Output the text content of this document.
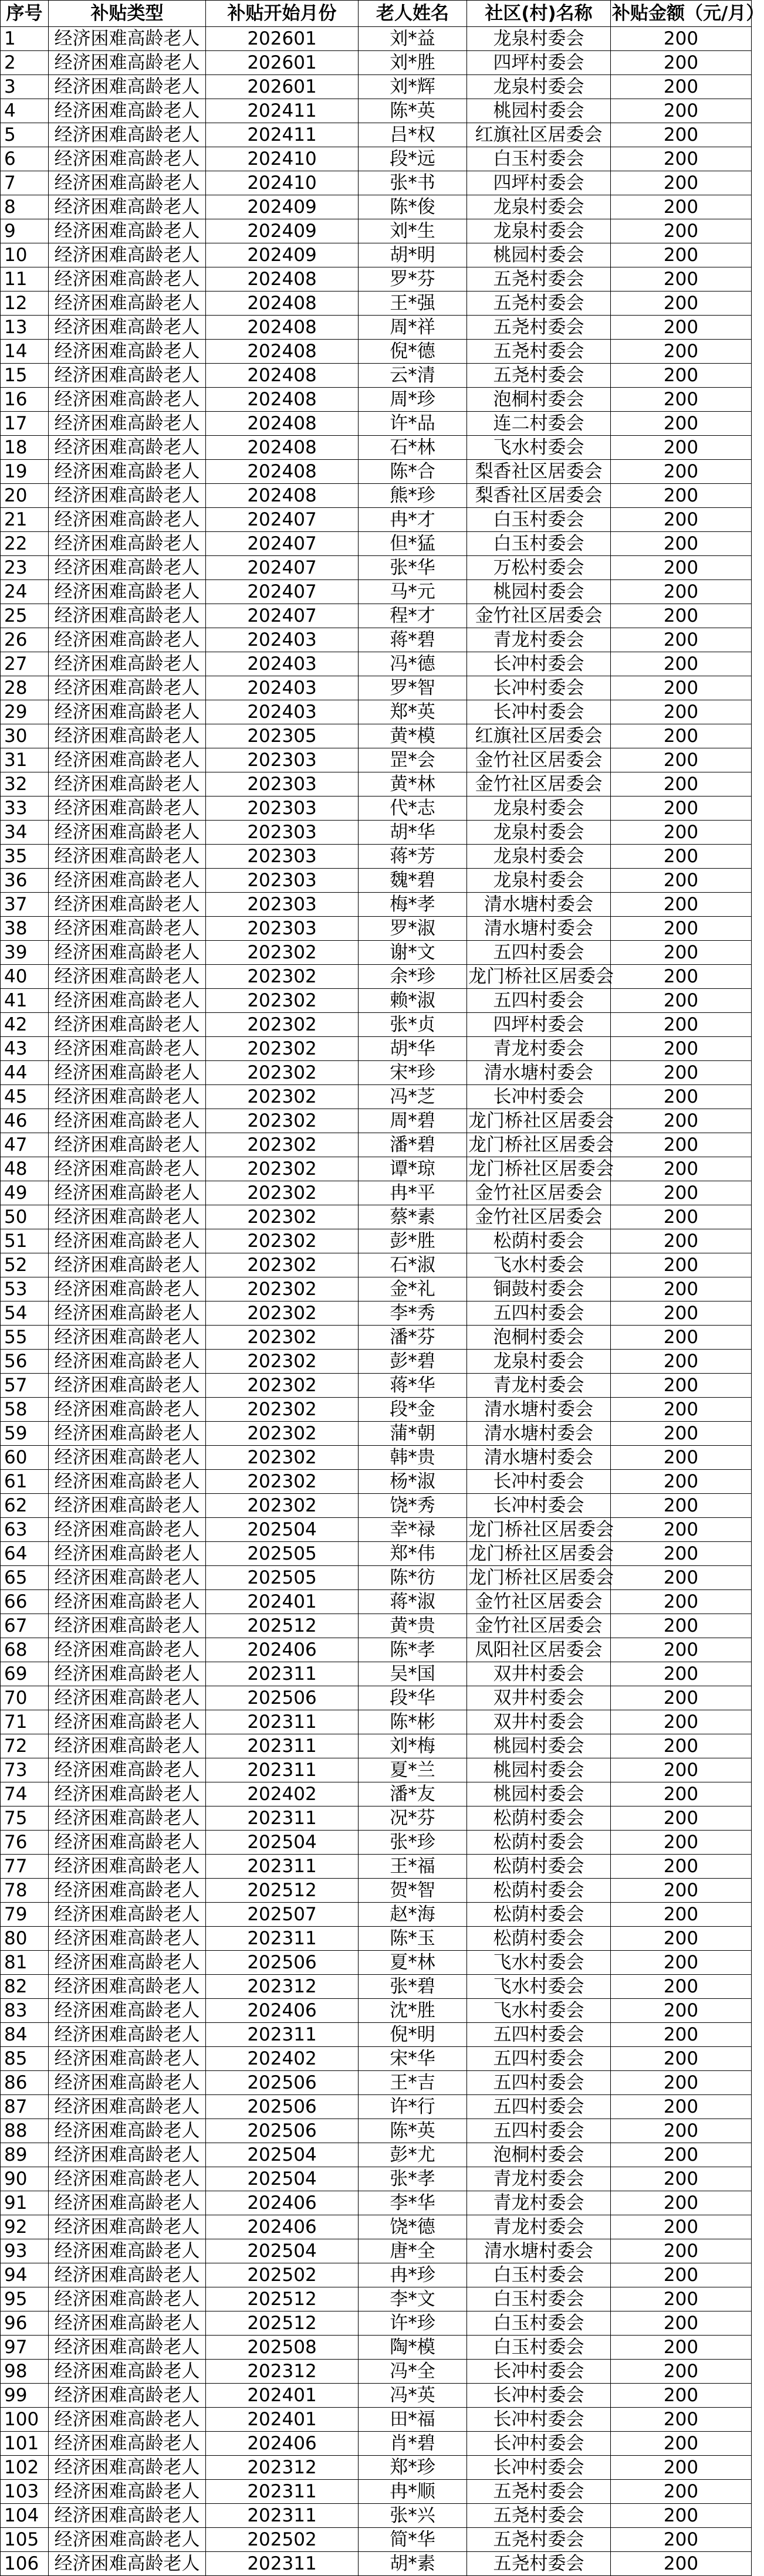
序号	补贴类型	补贴开始月份	老人姓名	社区(村)名称	补贴金额（元/月）
1	经济困难高龄老人	202601	刘*益	龙泉村委会	200
2	经济困难高龄老人	202601	刘*胜	四坪村委会	200
3	经济困难高龄老人	202601	刘*辉	龙泉村委会	200
4	经济困难高龄老人	202411	陈*英	桃园村委会	200
5	经济困难高龄老人	202411	吕*权	红旗社区居委会	200
6	经济困难高龄老人	202410	段*远	白玉村委会	200
7	经济困难高龄老人	202410	张*书	四坪村委会	200
8	经济困难高龄老人	202409	陈*俊	龙泉村委会	200
9	经济困难高龄老人	202409	刘*生	龙泉村委会	200
10	经济困难高龄老人	202409	胡*明	桃园村委会	200
11	经济困难高龄老人	202408	罗*芬	五尧村委会	200
12	经济困难高龄老人	202408	王*强	五尧村委会	200
13	经济困难高龄老人	202408	周*祥	五尧村委会	200
14	经济困难高龄老人	202408	倪*德	五尧村委会	200
15	经济困难高龄老人	202408	云*清	五尧村委会	200
16	经济困难高龄老人	202408	周*珍	泡桐村委会	200
17	经济困难高龄老人	202408	许*品	连二村委会	200
18	经济困难高龄老人	202408	石*林	飞水村委会	200
19	经济困难高龄老人	202408	陈*合	梨香社区居委会	200
20	经济困难高龄老人	202408	熊*珍	梨香社区居委会	200
21	经济困难高龄老人	202407	冉*才	白玉村委会	200
22	经济困难高龄老人	202407	但*猛	白玉村委会	200
23	经济困难高龄老人	202407	张*华	万松村委会	200
24	经济困难高龄老人	202407	马*元	桃园村委会	200
25	经济困难高龄老人	202407	程*才	金竹社区居委会	200
26	经济困难高龄老人	202403	蒋*碧	青龙村委会	200
27	经济困难高龄老人	202403	冯*德	长冲村委会	200
28	经济困难高龄老人	202403	罗*智	长冲村委会	200
29	经济困难高龄老人	202403	郑*英	长冲村委会	200
30	经济困难高龄老人	202305	黄*模	红旗社区居委会	200
31	经济困难高龄老人	202303	罡*会	金竹社区居委会	200
32	经济困难高龄老人	202303	黄*林	金竹社区居委会	200
33	经济困难高龄老人	202303	代*志	龙泉村委会	200
34	经济困难高龄老人	202303	胡*华	龙泉村委会	200
35	经济困难高龄老人	202303	蒋*芳	龙泉村委会	200
36	经济困难高龄老人	202303	魏*碧	龙泉村委会	200
37	经济困难高龄老人	202303	梅*孝	清水塘村委会	200
38	经济困难高龄老人	202303	罗*淑	清水塘村委会	200
39	经济困难高龄老人	202302	谢*文	五四村委会	200
40	经济困难高龄老人	202302	余*珍	龙门桥社区居委会	200
41	经济困难高龄老人	202302	赖*淑	五四村委会	200
42	经济困难高龄老人	202302	张*贞	四坪村委会	200
43	经济困难高龄老人	202302	胡*华	青龙村委会	200
44	经济困难高龄老人	202302	宋*珍	清水塘村委会	200
45	经济困难高龄老人	202302	冯*芝	长冲村委会	200
46	经济困难高龄老人	202302	周*碧	龙门桥社区居委会	200
47	经济困难高龄老人	202302	潘*碧	龙门桥社区居委会	200
48	经济困难高龄老人	202302	谭*琼	龙门桥社区居委会	200
49	经济困难高龄老人	202302	冉*平	金竹社区居委会	200
50	经济困难高龄老人	202302	蔡*素	金竹社区居委会	200
51	经济困难高龄老人	202302	彭*胜	松荫村委会	200
52	经济困难高龄老人	202302	石*淑	飞水村委会	200
53	经济困难高龄老人	202302	金*礼	铜鼓村委会	200
54	经济困难高龄老人	202302	李*秀	五四村委会	200
55	经济困难高龄老人	202302	潘*芬	泡桐村委会	200
56	经济困难高龄老人	202302	彭*碧	龙泉村委会	200
57	经济困难高龄老人	202302	蒋*华	青龙村委会	200
58	经济困难高龄老人	202302	段*金	清水塘村委会	200
59	经济困难高龄老人	202302	蒲*朝	清水塘村委会	200
60	经济困难高龄老人	202302	韩*贵	清水塘村委会	200
61	经济困难高龄老人	202302	杨*淑	长冲村委会	200
62	经济困难高龄老人	202302	饶*秀	长冲村委会	200
63	经济困难高龄老人	202504	幸*禄	龙门桥社区居委会	200
64	经济困难高龄老人	202505	郑*伟	龙门桥社区居委会	200
65	经济困难高龄老人	202505	陈*彷	龙门桥社区居委会	200
66	经济困难高龄老人	202401	蒋*淑	金竹社区居委会	200
67	经济困难高龄老人	202512	黄*贵	金竹社区居委会	200
68	经济困难高龄老人	202406	陈*孝	凤阳社区居委会	200
69	经济困难高龄老人	202311	吴*国	双井村委会	200
70	经济困难高龄老人	202506	段*华	双井村委会	200
71	经济困难高龄老人	202311	陈*彬	双井村委会	200
72	经济困难高龄老人	202311	刘*梅	桃园村委会	200
73	经济困难高龄老人	202311	夏*兰	桃园村委会	200
74	经济困难高龄老人	202402	潘*友	桃园村委会	200
75	经济困难高龄老人	202311	况*芬	松荫村委会	200
76	经济困难高龄老人	202504	张*珍	松荫村委会	200
77	经济困难高龄老人	202311	王*福	松荫村委会	200
78	经济困难高龄老人	202512	贺*智	松荫村委会	200
79	经济困难高龄老人	202507	赵*海	松荫村委会	200
80	经济困难高龄老人	202311	陈*玉	松荫村委会	200
81	经济困难高龄老人	202506	夏*林	飞水村委会	200
82	经济困难高龄老人	202312	张*碧	飞水村委会	200
83	经济困难高龄老人	202406	沈*胜	飞水村委会	200
84	经济困难高龄老人	202311	倪*明	五四村委会	200
85	经济困难高龄老人	202402	宋*华	五四村委会	200
86	经济困难高龄老人	202506	王*吉	五四村委会	200
87	经济困难高龄老人	202506	许*行	五四村委会	200
88	经济困难高龄老人	202506	陈*英	五四村委会	200
89	经济困难高龄老人	202504	彭*尤	泡桐村委会	200
90	经济困难高龄老人	202504	张*孝	青龙村委会	200
91	经济困难高龄老人	202406	李*华	青龙村委会	200
92	经济困难高龄老人	202406	饶*德	青龙村委会	200
93	经济困难高龄老人	202504	唐*全	清水塘村委会	200
94	经济困难高龄老人	202502	冉*珍	白玉村委会	200
95	经济困难高龄老人	202512	李*文	白玉村委会	200
96	经济困难高龄老人	202512	许*珍	白玉村委会	200
97	经济困难高龄老人	202508	陶*模	白玉村委会	200
98	经济困难高龄老人	202312	冯*全	长冲村委会	200
99	经济困难高龄老人	202401	冯*英	长冲村委会	200
100	经济困难高龄老人	202401	田*福	长冲村委会	200
101	经济困难高龄老人	202406	肖*碧	长冲村委会	200
102	经济困难高龄老人	202312	郑*珍	长冲村委会	200
103	经济困难高龄老人	202311	冉*顺	五尧村委会	200
104	经济困难高龄老人	202311	张*兴	五尧村委会	200
105	经济困难高龄老人	202502	简*华	五尧村委会	200
106	经济困难高龄老人	202311	胡*素	五尧村委会	200
